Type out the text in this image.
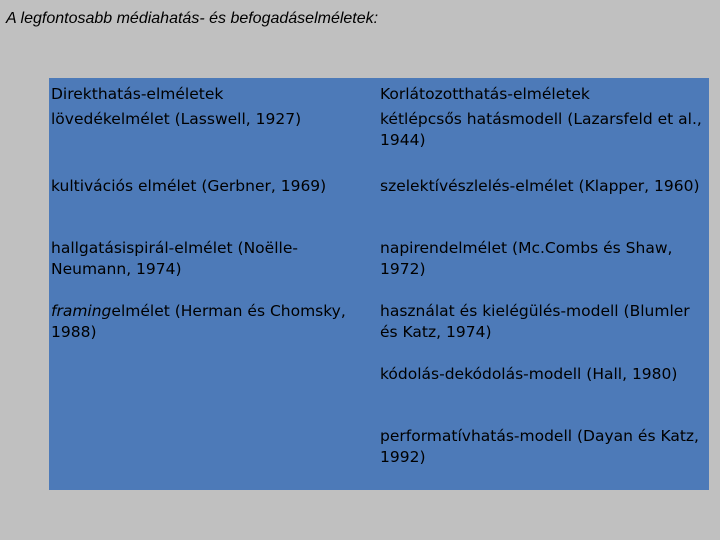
A legfontosabb médiahatás- és befogadáselméletek:
Direkthatás-elméletek
lövedékelmélet (Lasswell, 1927)
kultivációs elmélet (Gerbner, 1969)
hallgatásispirál-elmélet (Noëlle-Neumann, 1974)
framingelmélet (Herman és Chomsky, 1988)
Korlátozotthatás-elméletek
kétlépcsős hatásmodell (Lazarsfeld et al., 1944)
szelektívészlelés-elmélet (Klapper, 1960)
napirendelmélet (Mc.Combs és Shaw, 1972)
használat és kielégülés-modell (Blumler és Katz, 1974)
kódolás-dekódolás-modell (Hall, 1980)
performatívhatás-modell (Dayan és Katz, 1992)
